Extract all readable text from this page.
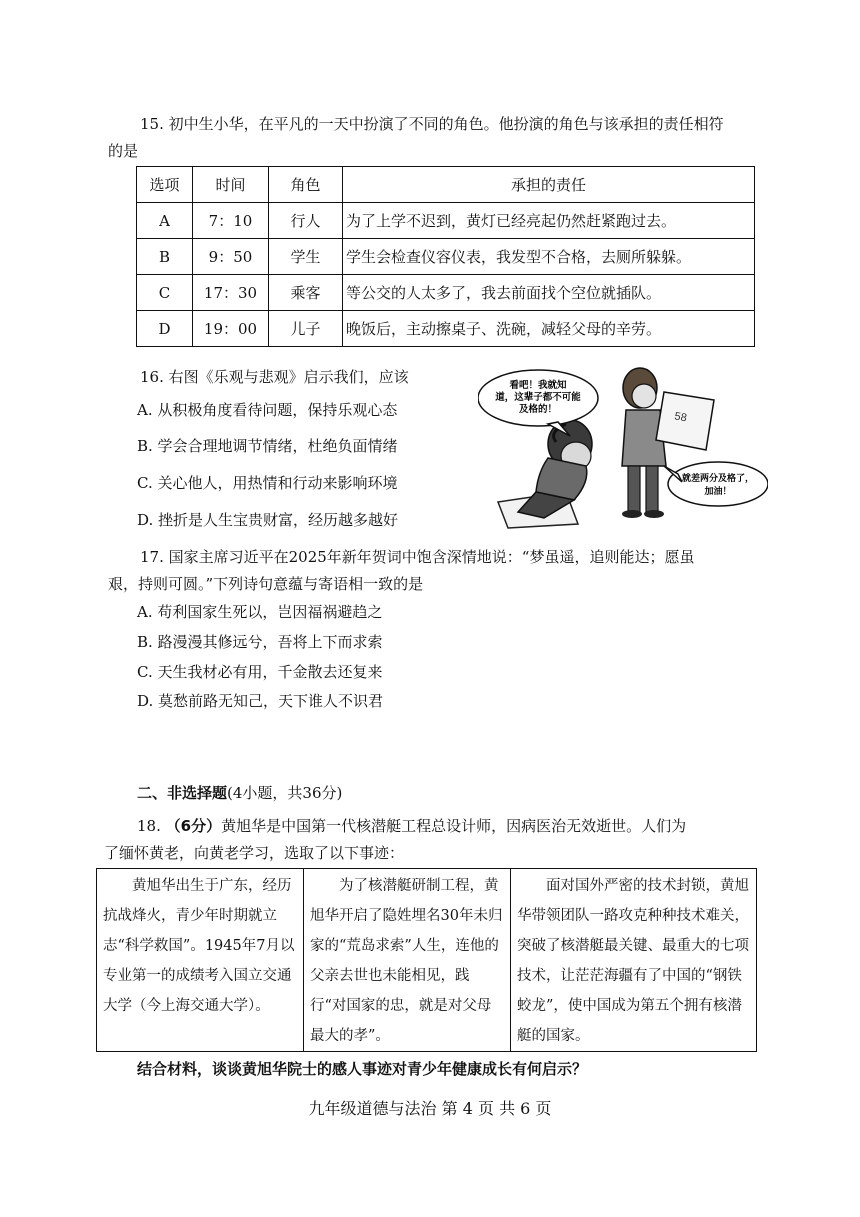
15. 初中生小华，在平凡的一天中扮演了不同的角色。他扮演的角色与该承担的责任相符
的是
选项	时间	角色	承担的责任
A	7：10	行人	为了上学不迟到，黄灯已经亮起仍然赶紧跑过去。
B	9：50	学生	学生会检查仪容仪表，我发型不合格，去厕所躲躲。
C	17：30	乘客	等公交的人太多了，我去前面找个空位就插队。
D	19：00	儿子	晚饭后，主动擦桌子、洗碗，减轻父母的辛劳。
16. 右图《乐观与悲观》启示我们，应该
A. 从积极角度看待问题，保持乐观心态
B. 学会合理地调节情绪，杜绝负面情绪
C. 关心他人，用热情和行动来影响环境
D. 挫折是人生宝贵财富，经历越多越好
58
看吧！我就知
道，这辈子都不可能
及格的！
就差两分及格了，
加油！
17. 国家主席习近平在2025年新年贺词中饱含深情地说：“梦虽遥，追则能达；愿虽
艰，持则可圆。”下列诗句意蕴与寄语相一致的是
A. 苟利国家生死以，岂因福祸避趋之
B. 路漫漫其修远兮，吾将上下而求索
C. 天生我材必有用，千金散去还复来
D. 莫愁前路无知己，天下谁人不识君
二、非选择题(4小题，共36分)
18. （6分）黄旭华是中国第一代核潜艇工程总设计师，因病医治无效逝世。人们为
了缅怀黄老，向黄老学习，选取了以下事迹：
黄旭华出生于广东，经历抗战烽火，青少年时期就立志“科学救国”。1945年7月以专业第一的成绩考入国立交通大学（今上海交通大学）。

为了核潜艇研制工程，黄旭华开启了隐姓埋名30年未归家的“荒岛求索”人生，连他的父亲去世也未能相见，践行“对国家的忠，就是对父母最大的孝”。

面对国外严密的技术封锁，黄旭华带领团队一路攻克种种技术难关，突破了核潜艇最关键、最重大的七项技术，让茫茫海疆有了中国的“钢铁蛟龙”，使中国成为第五个拥有核潜艇的国家。
结合材料，谈谈黄旭华院士的感人事迹对青少年健康成长有何启示？
九年级道德与法治 第 4 页 共 6 页
